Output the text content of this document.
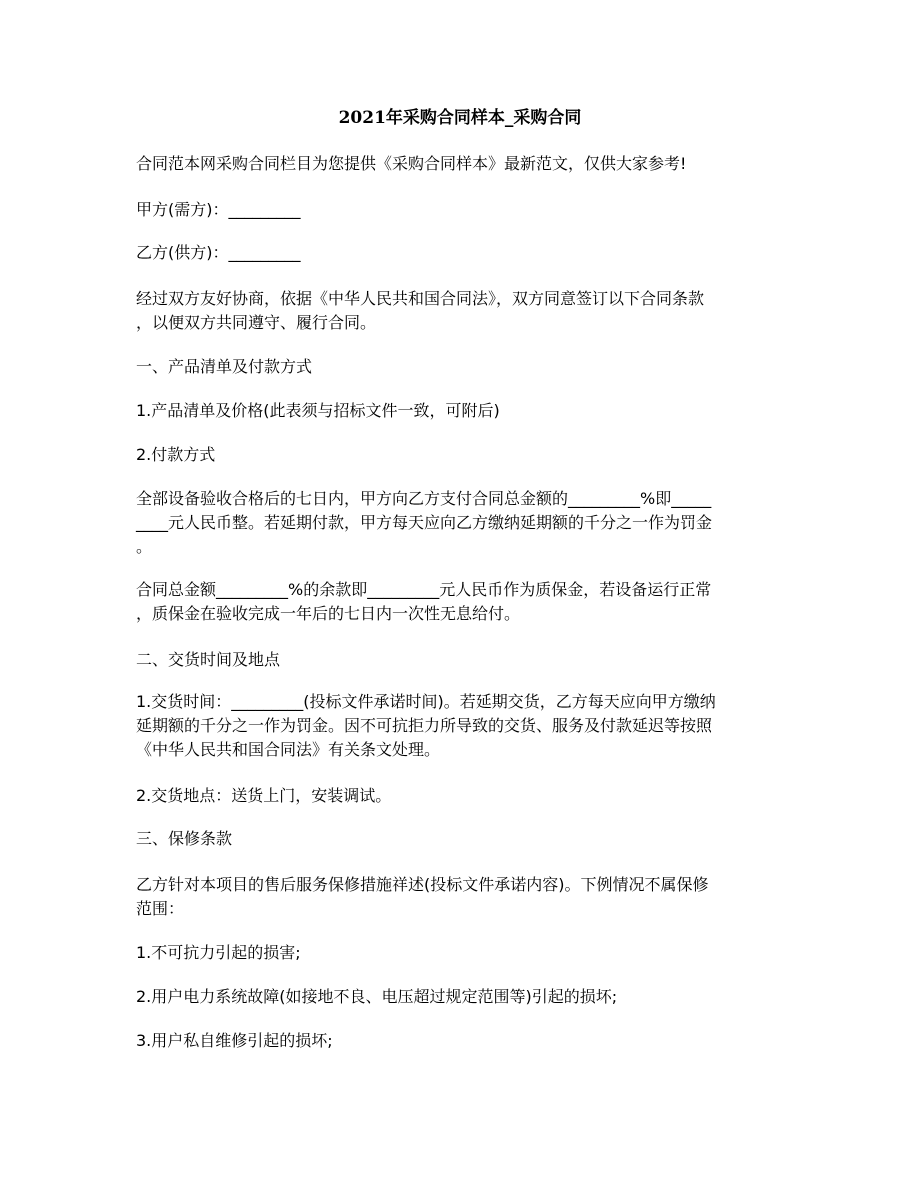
2021年采购合同样本_采购合同
合同范本网采购合同栏目为您提供《采购合同样本》最新范文，仅供大家参考!
甲方(需方)：_________
乙方(供方)：_________
经过双方友好协商，依据《中华人民共和国合同法》，双方同意签订以下合同条款
，以便双方共同遵守、履行合同。
一、产品清单及付款方式
1.产品清单及价格(此表须与招标文件一致，可附后)
2.付款方式
全部设备验收合格后的七日内，甲方向乙方支付合同总金额的_________%即_____
____元人民币整。若延期付款，甲方每天应向乙方缴纳延期额的千分之一作为罚金
。
合同总金额_________%的余款即_________元人民币作为质保金，若设备运行正常
，质保金在验收完成一年后的七日内一次性无息给付。
二、交货时间及地点
1.交货时间：_________(投标文件承诺时间)。若延期交货，乙方每天应向甲方缴纳
延期额的千分之一作为罚金。因不可抗拒力所导致的交货、服务及付款延迟等按照
《中华人民共和国合同法》有关条文处理。
2.交货地点：送货上门，安装调试。
三、保修条款
乙方针对本项目的售后服务保修措施祥述(投标文件承诺内容)。下例情况不属保修
范围：
1.不可抗力引起的损害;
2.用户电力系统故障(如接地不良、电压超过规定范围等)引起的损坏;
3.用户私自维修引起的损坏;
